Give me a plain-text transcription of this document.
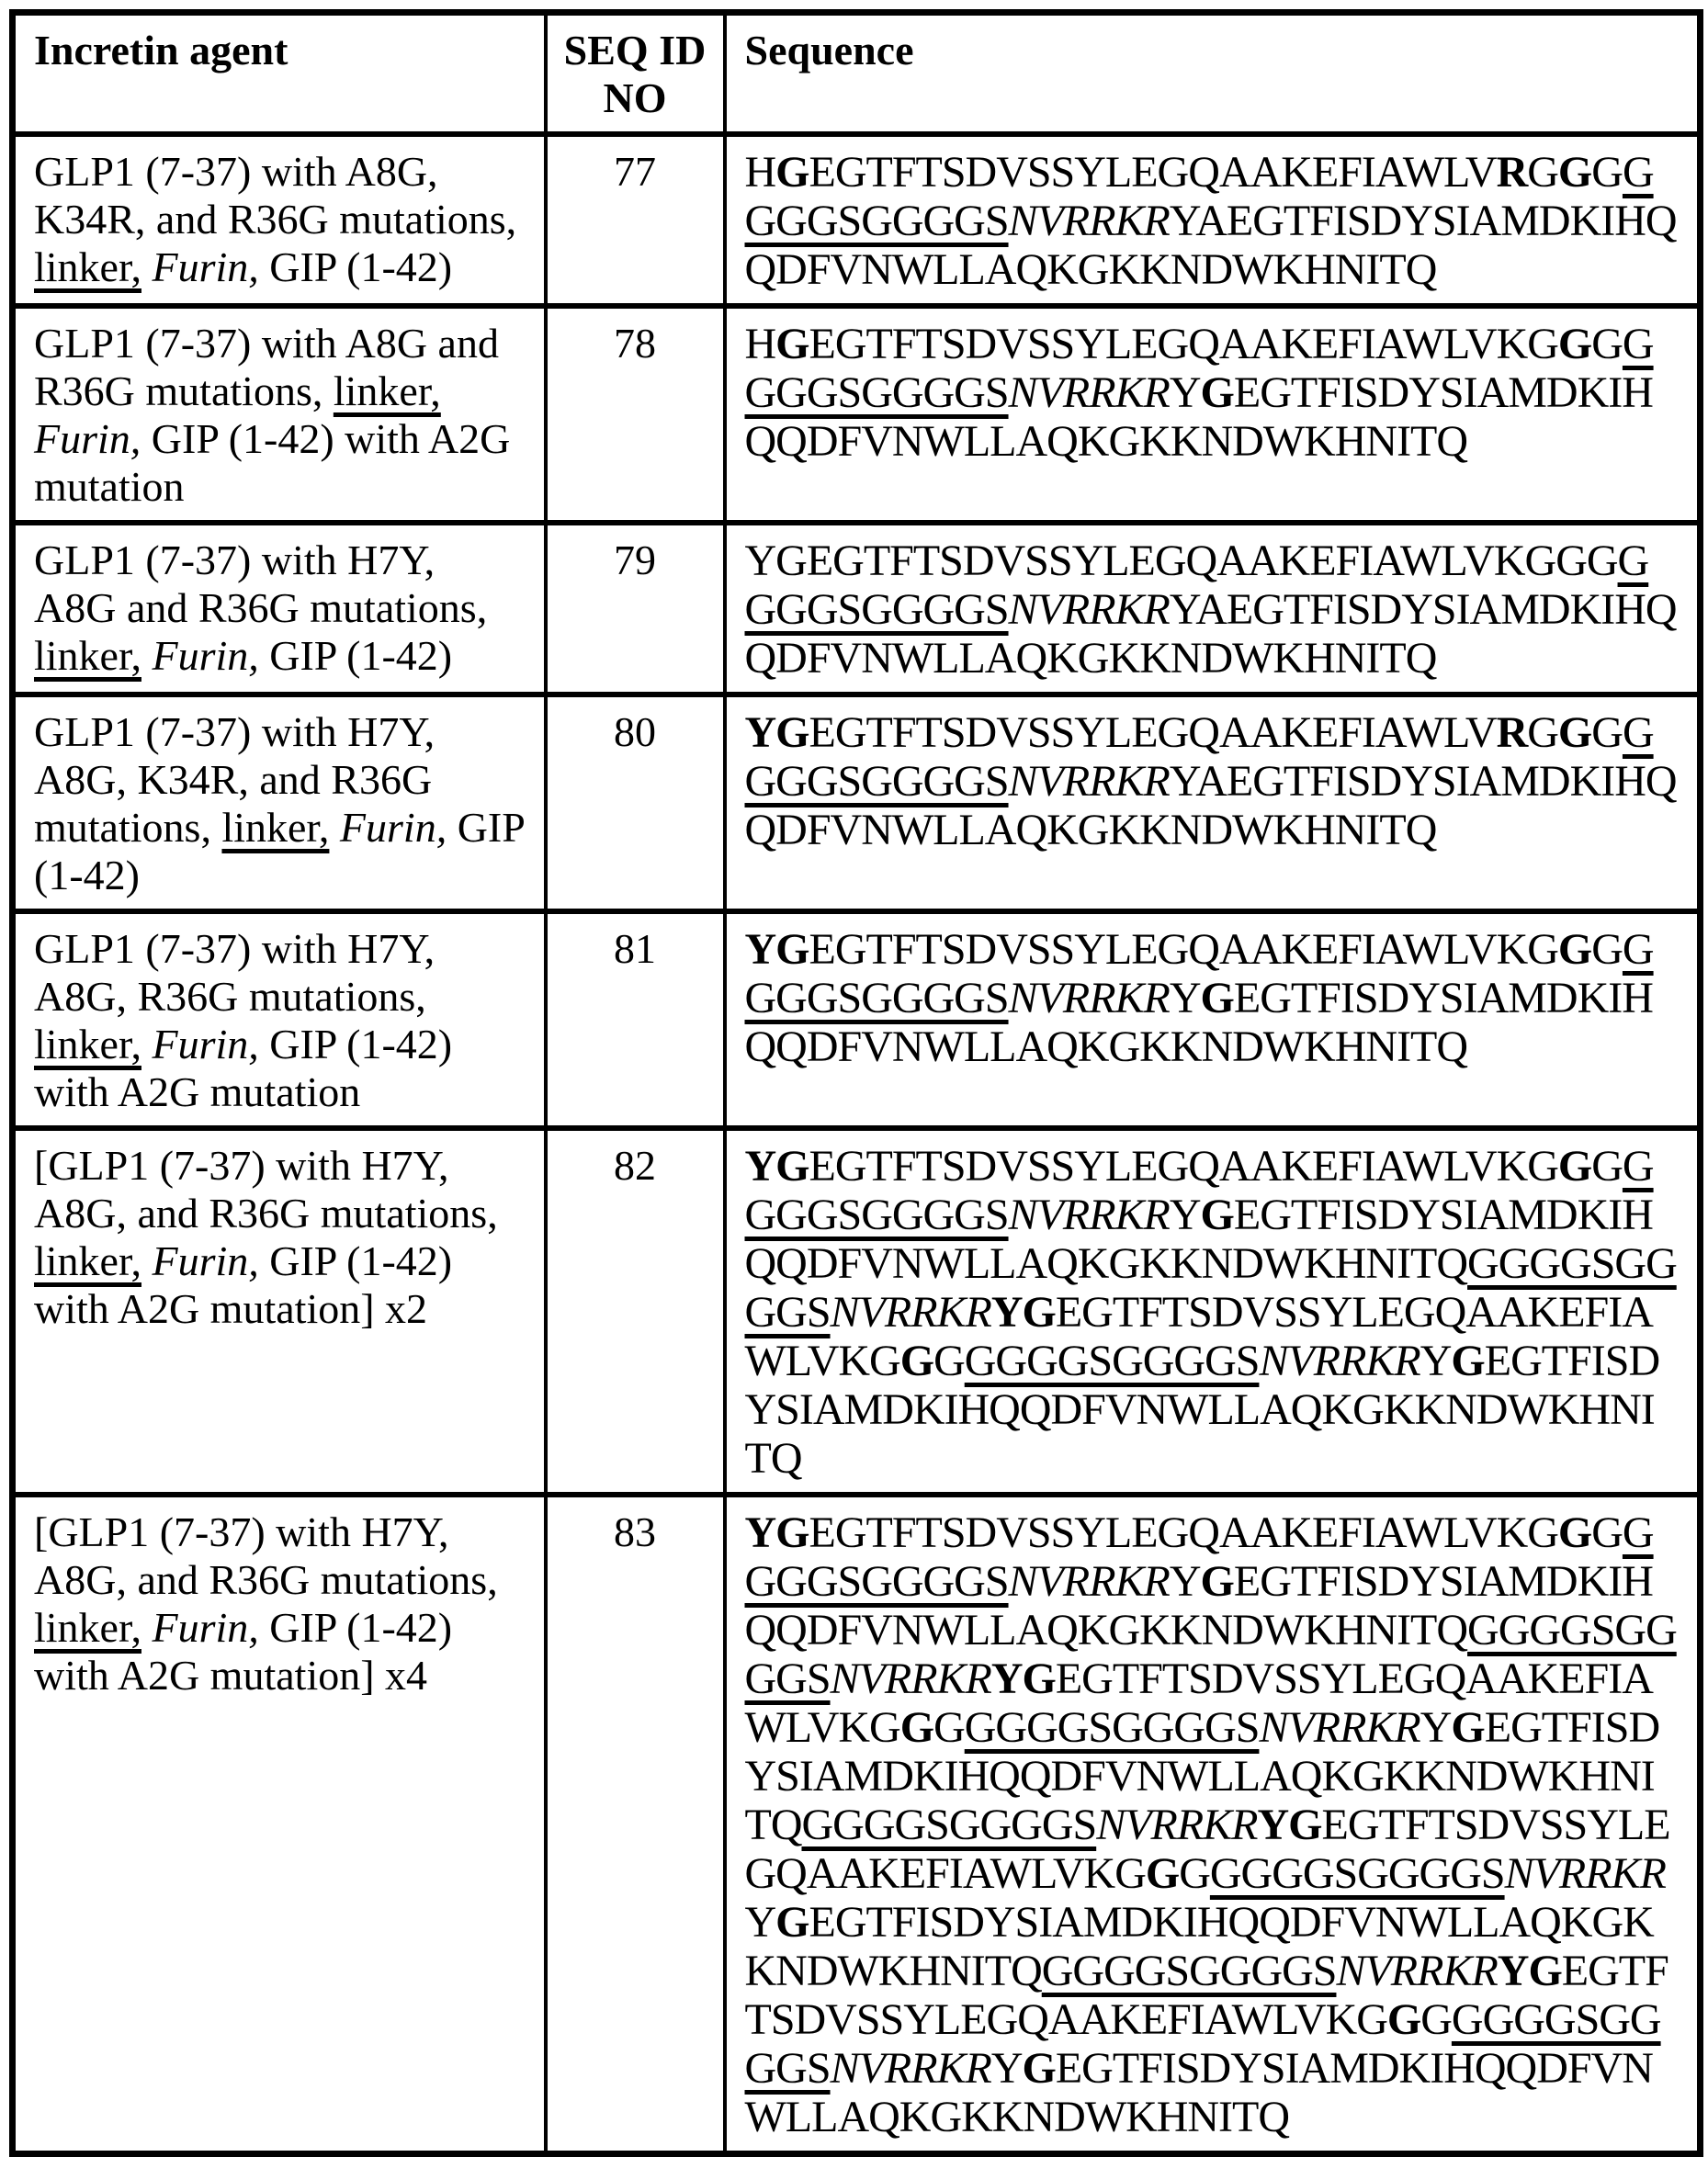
Incretin agent	SEQ ID NO	Sequence
GLP1 (7-37) with A8G, K34R, and R36G mutations, linker, Furin, GIP (1-42)	77	HGEGTFTSDVSSYLEGQAAKEFIAWLVRGGGGGGGSGGGGSNVRRKRYAEGTFISDYSIAMDKIHQQDFVNWLLAQKGKKNDWKHNITQ
GLP1 (7-37) with A8G and R36G mutations, linker, Furin, GIP (1-42) with A2G mutation	78	HGEGTFTSDVSSYLEGQAAKEFIAWLVKGGGGGGGSGGGGSNVRRKRYGEGTFISDYSIAMDKIHQQDFVNWLLAQKGKKNDWKHNITQ
GLP1 (7-37) with H7Y, A8G and R36G mutations, linker, Furin, GIP (1-42)	79	YGEGTFTSDVSSYLEGQAAKEFIAWLVKGGGGGGGSGGGGSNVRRKRYAEGTFISDYSIAMDKIHQQDFVNWLLAQKGKKNDWKHNITQ
GLP1 (7-37) with H7Y, A8G, K34R, and R36G mutations, linker, Furin, GIP (1-42)	80	YGEGTFTSDVSSYLEGQAAKEFIAWLVRGGGGGGGSGGGGSNVRRKRYAEGTFISDYSIAMDKIHQQDFVNWLLAQKGKKNDWKHNITQ
GLP1 (7-37) with H7Y, A8G, R36G mutations, linker, Furin, GIP (1-42) with A2G mutation	81	YGEGTFTSDVSSYLEGQAAKEFIAWLVKGGGGGGGSGGGGSNVRRKRYGEGTFISDYSIAMDKIHQQDFVNWLLAQKGKKNDWKHNITQ
[GLP1 (7-37) with H7Y, A8G, and R36G mutations, linker, Furin, GIP (1-42) with A2G mutation] x2	82	YGEGTFTSDVSSYLEGQAAKEFIAWLVKGGGGGGGSGGGGSNVRRKRYGEGTFISDYSIAMDKIHQQDFVNWLLAQKGKKNDWKHNITQGGGGSGGGGSNVRRKRYGEGTFTSDVSSYLEGQAAKEFIAWLVKGGGGGGGSGGGGSNVRRKRYGEGTFISDYSIAMDKIHQQDFVNWLLAQKGKKNDWKHNITQ
[GLP1 (7-37) with H7Y, A8G, and R36G mutations, linker, Furin, GIP (1-42) with A2G mutation] x4	83	YGEGTFTSDVSSYLEGQAAKEFIAWLVKGGGGGGGSGGGGSNVRRKRYGEGTFISDYSIAMDKIHQQDFVNWLLAQKGKKNDWKHNITQGGGGSGGGGSNVRRKRYGEGTFTSDVSSYLEGQAAKEFIAWLVKGGGGGGGSGGGGSNVRRKRYGEGTFISDYSIAMDKIHQQDFVNWLLAQKGKKNDWKHNITQGGGGSGGGGSNVRRKRYGEGTFTSDVSSYLEGQAAKEFIAWLVKGGGGGGGSGGGGSNVRRKRYGEGTFISDYSIAMDKIHQQDFVNWLLAQKGKKNDWKHNITQGGGGSGGGGSNVRRKRYGEGTFTSDVSSYLEGQAAKEFIAWLVKGGGGGGGSGGGGSNVRRKRYGEGTFISDYSIAMDKIHQQDFVNWLLAQKGKKNDWKHNITQ
